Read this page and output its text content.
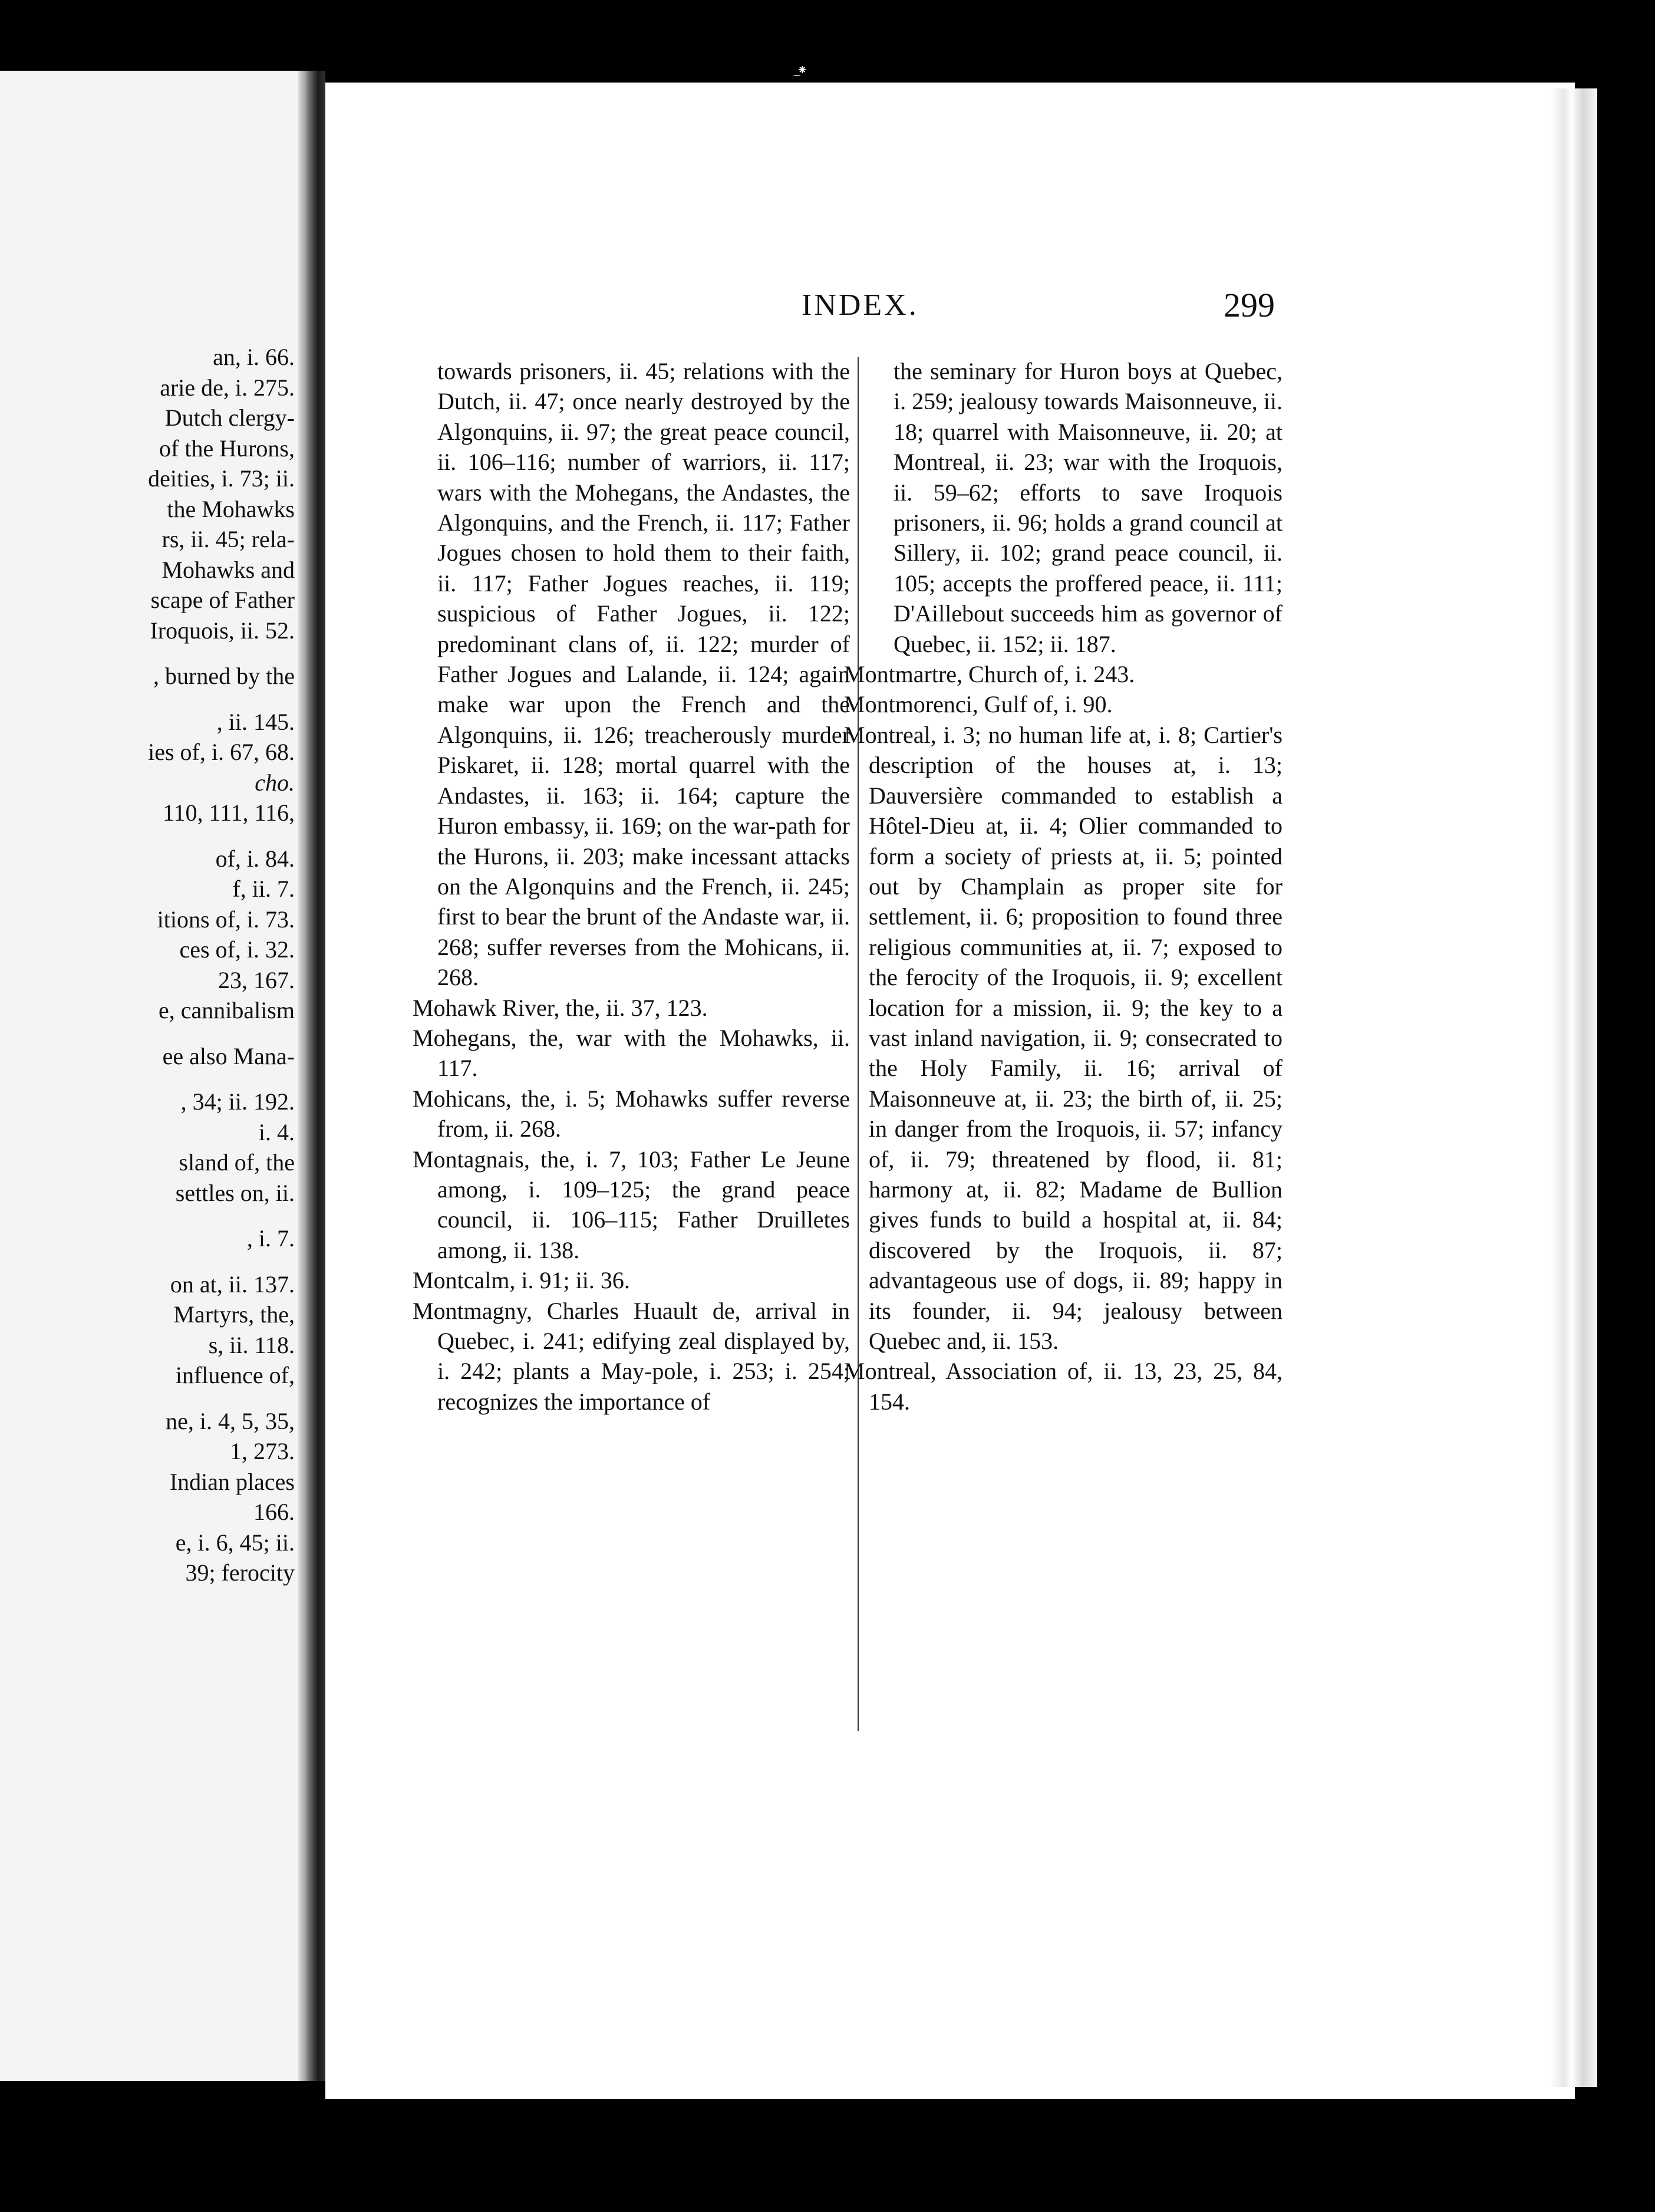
an, i. 66.
arie de, i. 275.
Dutch clergy-
of the Hurons,
deities, i. 73; ii.
the Mohawks
rs, ii. 45; rela-
Mohawks and
scape of Father
Iroquois, ii. 52.
, burned by the
, ii. 145.
ies of, i. 67, 68.
cho.
110, 111, 116,
of, i. 84.
f, ii. 7.
itions of, i. 73.
ces of, i. 32.
23, 167.
e, cannibalism
ee also Mana-
, 34; ii. 192.
i. 4.
sland of, the
settles on, ii.
, i. 7.
on at, ii. 137.
Martyrs, the,
s, ii. 118.
influence of,
ne, i. 4, 5, 35,
1, 273.
Indian places
166.
e, i. 6, 45; ii.
39; ferocity
̲⁕
INDEX.	299

towards prisoners, ii. 45; relations with the Dutch, ii. 47; once nearly destroyed by the Algonquins, ii. 97; the great peace council, ii. 106–116; number of warriors, ii. 117; wars with the Mohegans, the Andastes, the Algonquins, and the French, ii. 117; Father Jogues chosen to hold them to their faith, ii. 117; Father Jogues reaches, ii. 119; suspicious of Father Jogues, ii. 122; predominant clans of, ii. 122; murder of Father Jogues and Lalande, ii. 124; again make war upon the French and the Algonquins, ii. 126; treacherously murder Piskaret, ii. 128; mortal quarrel with the Andastes, ii. 163; ii. 164; capture the Huron embassy, ii. 169; on the war-path for the Hurons, ii. 203; make incessant attacks on the Algonquins and the French, ii. 245; first to bear the brunt of the Andaste war, ii. 268; suffer reverses from the Mohicans, ii. 268.

Mohawk River, the, ii. 37, 123.

Mohegans, the, war with the Mohawks, ii. 117.

Mohicans, the, i. 5; Mohawks suffer reverse from, ii. 268.

Montagnais, the, i. 7, 103; Father Le Jeune among, i. 109–125; the grand peace council, ii. 106–115; Father Druilletes among, ii. 138.

Montcalm, i. 91; ii. 36.

Montmagny, Charles Huault de, arrival in Quebec, i. 241; edifying zeal displayed by, i. 242; plants a May-pole, i. 253; i. 254; recognizes the importance of

the seminary for Huron boys at Quebec, i. 259; jealousy towards Maisonneuve, ii. 18; quarrel with Maisonneuve, ii. 20; at Montreal, ii. 23; war with the Iroquois, ii. 59–62; efforts to save Iroquois prisoners, ii. 96; holds a grand council at Sillery, ii. 102; grand peace council, ii. 105; accepts the proffered peace, ii. 111; D'Aillebout succeeds him as governor of Quebec, ii. 152; ii. 187.

Montmartre, Church of, i. 243.

Montmorenci, Gulf of, i. 90.

Montreal, i. 3; no human life at, i. 8; Cartier's description of the houses at, i. 13; Dauversière commanded to establish a Hôtel-Dieu at, ii. 4; Olier commanded to form a society of priests at, ii. 5; pointed out by Champlain as proper site for settlement, ii. 6; proposition to found three religious communities at, ii. 7; exposed to the ferocity of the Iroquois, ii. 9; excellent location for a mission, ii. 9; the key to a vast inland navigation, ii. 9; consecrated to the Holy Family, ii. 16; arrival of Maisonneuve at, ii. 23; the birth of, ii. 25; in danger from the Iroquois, ii. 57; infancy of, ii. 79; threatened by flood, ii. 81; harmony at, ii. 82; Madame de Bullion gives funds to build a hospital at, ii. 84; discovered by the Iroquois, ii. 87; advantageous use of dogs, ii. 89; happy in its founder, ii. 94; jealousy between Quebec and, ii. 153.

Montreal, Association of, ii. 13, 23, 25, 84, 154.
